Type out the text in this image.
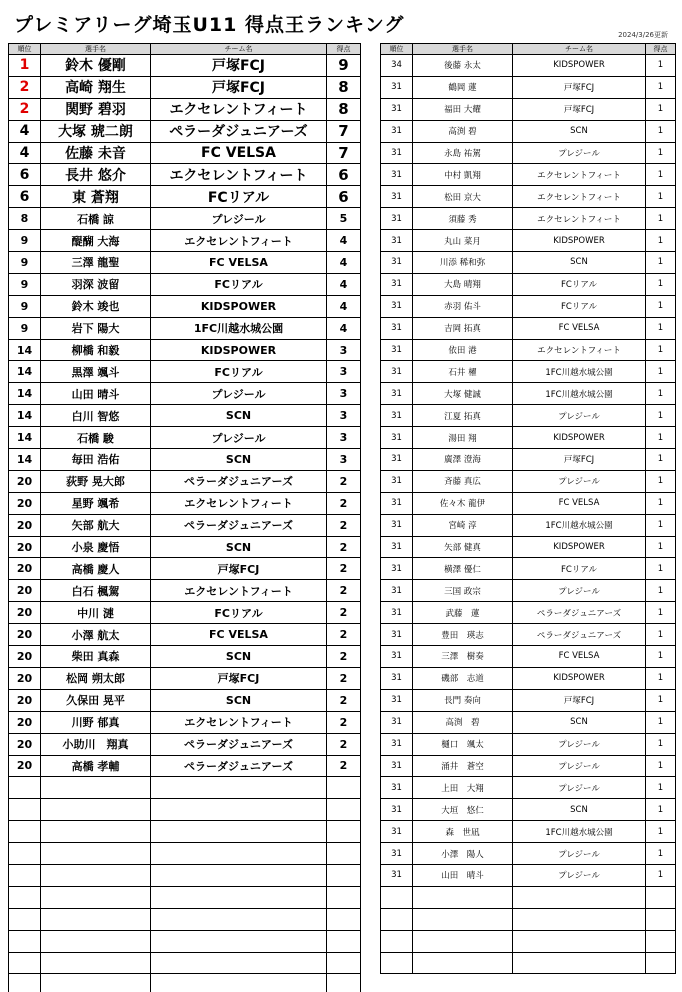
プレミアリーグ埼玉U11 得点王ランキング	2024/3/26更新
順位	選手名	チーム名	得点
1	鈴木 優剛	戸塚FCJ	9
2	高崎 翔生	戸塚FCJ	8
2	関野 碧羽	エクセレントフィート	8
4	大塚 琥二朗	ペラーダジュニアーズ	7
4	佐藤 未音	FC VELSA	7
6	長井 悠介	エクセレントフィート	6
6	東 蒼翔	FCリアル	6
8	石橋 諒	プレジール	5
9	醍醐 大海	エクセレントフィート	4
9	三澤 龍聖	FC VELSA	4
9	羽深 波留	FCリアル	4
9	鈴木 竣也	KIDSPOWER	4
9	岩下 陽大	1FC川越水城公園	4
14	柳橋 和毅	KIDSPOWER	3
14	黒澤 颯斗	FCリアル	3
14	山田 晴斗	プレジール	3
14	白川 智悠	SCN	3
14	石橋 駿	プレジール	3
14	毎田 浩佑	SCN	3
20	荻野 晃大郎	ペラーダジュニアーズ	2
20	星野 颯希	エクセレントフィート	2
20	矢部 航大	ペラーダジュニアーズ	2
20	小泉 慶悟	SCN	2
20	高橋 慶人	戸塚FCJ	2
20	白石 楓駕	エクセレントフィート	2
20	中川 漣	FCリアル	2
20	小澤 航太	FC VELSA	2
20	柴田 真森	SCN	2
20	松岡 朔太郎	戸塚FCJ	2
20	久保田 晃平	SCN	2
20	川野 郁真	エクセレントフィート	2
20	小助川　翔真	ペラーダジュニアーズ	2
20	高橋 孝輔	ペラーダジュニアーズ	2

順位	選手名	チーム名	得点
34	後藤 永太	KIDSPOWER	1
31	鶴岡 蓮	戸塚FCJ	1
31	福田 大耀	戸塚FCJ	1
31	高渕 碧	SCN	1
31	永島 祐駕	プレジール	1
31	中村 凱翔	エクセレントフィート	1
31	松田 京大	エクセレントフィート	1
31	須藤 秀	エクセレントフィート	1
31	丸山 菜月	KIDSPOWER	1
31	川添 稀和弥	SCN	1
31	大島 晴翔	FCリアル	1
31	赤羽 佑斗	FCリアル	1
31	吉岡 拓真	FC VELSA	1
31	依田 港	エクセレントフィート	1
31	石井 櫂	1FC川越水城公園	1
31	大塚 健誠	1FC川越水城公園	1
31	江夏 拓真	プレジール	1
31	湯田 翔	KIDSPOWER	1
31	廣澤 澄海	戸塚FCJ	1
31	斉藤 真広	プレジール	1
31	佐々木 龍伊	FC VELSA	1
31	宮崎 淳	1FC川越水城公園	1
31	矢部 健真	KIDSPOWER	1
31	横澤 優仁	FCリアル	1
31	三国 政宗	プレジール	1
31	武藤　蓮	ペラーダジュニアーズ	1
31	豊田　瑛志	ペラーダジュニアーズ	1
31	三澤　樹奏	FC VELSA	1
31	磯部　志道	KIDSPOWER	1
31	長門 奏向	戸塚FCJ	1
31	高渕　碧	SCN	1
31	樋口　颯太	プレジール	1
31	涌井　蒼空	プレジール	1
31	上田　大翔	プレジール	1
31	大垣　悠仁	SCN	1
31	森　世凪	1FC川越水城公園	1
31	小澤　陽人	プレジール	1
31	山田　晴斗	プレジール	1
